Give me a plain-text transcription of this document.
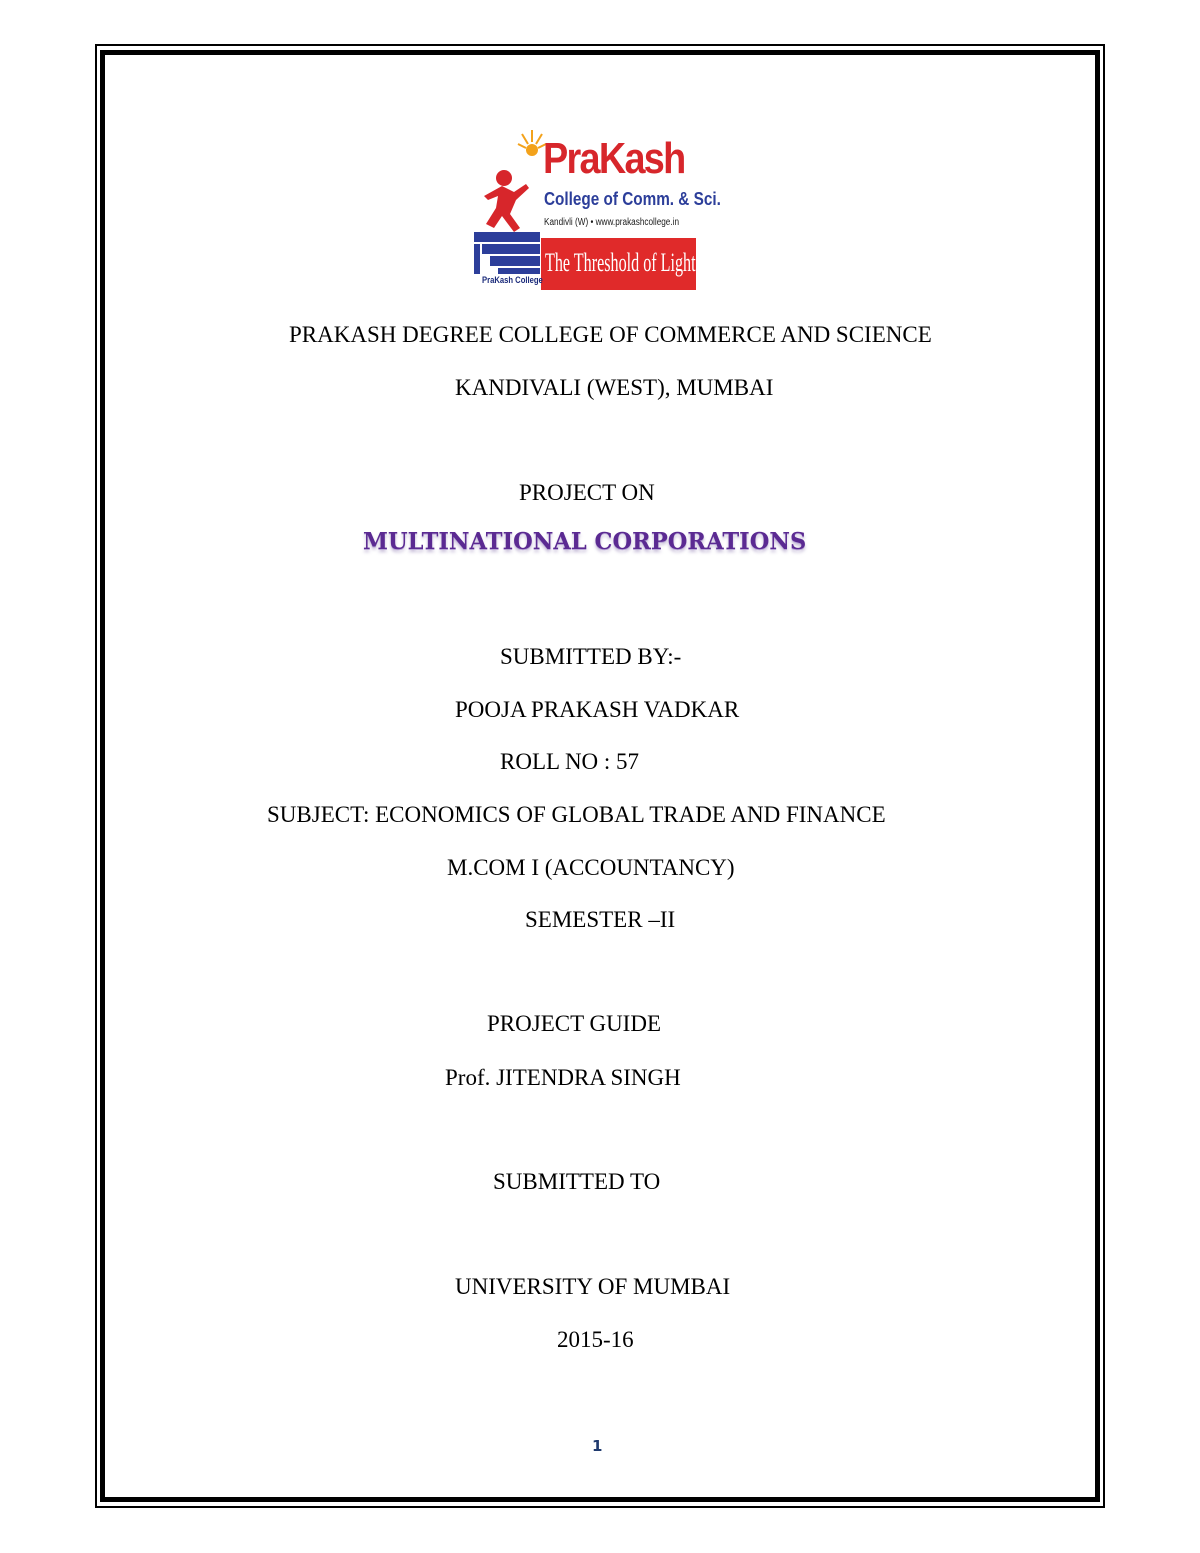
PraKash
College of Comm. & Sci.
Kandivli (W) • www.prakashcollege.in
The Threshold of Light
PraKash College
PRAKASH DEGREE COLLEGE OF COMMERCE AND SCIENCE
KANDIVALI (WEST), MUMBAI
PROJECT ON
MULTINATIONAL CORPORATIONS
SUBMITTED BY:-
POOJA PRAKASH VADKAR
ROLL NO : 57
SUBJECT: ECONOMICS OF GLOBAL TRADE AND FINANCE
M.COM I (ACCOUNTANCY)
SEMESTER –II
PROJECT GUIDE
Prof. JITENDRA SINGH
SUBMITTED TO
UNIVERSITY OF MUMBAI
2015-16
1
